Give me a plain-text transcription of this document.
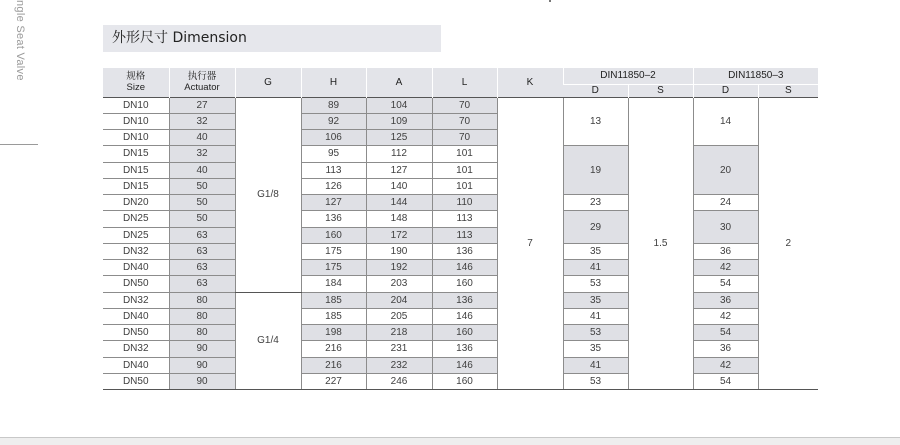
ngle Seat Valve	外形尺寸 Dimension
规格
Size	执行器
Actuator	G	H	A	L	K	DIN11850–2		DIN11850–3	
							D	S	D	S
DN10	27	G1/8	89	104	70	7	13	1.5	14	2
DN10	32		92	109	70					
DN10	40		106	125	70					
DN15	32		95	112	101		19		20	
DN15	40		113	127	101					
DN15	50		126	140	101					
DN20	50		127	144	110		23		24	
DN25	50		136	148	113		29		30	
DN25	63		160	172	113					
DN32	63		175	190	136		35		36	
DN40	63		175	192	146		41		42	
DN50	63		184	203	160		53		54	
DN32	80	G1/4	185	204	136		35		36	
DN40	80		185	205	146		41		42	
DN50	80		198	218	160		53		54	
DN32	90		216	231	136		35		36	
DN40	90		216	232	146		41		42	
DN50	90		227	246	160		53		54	
